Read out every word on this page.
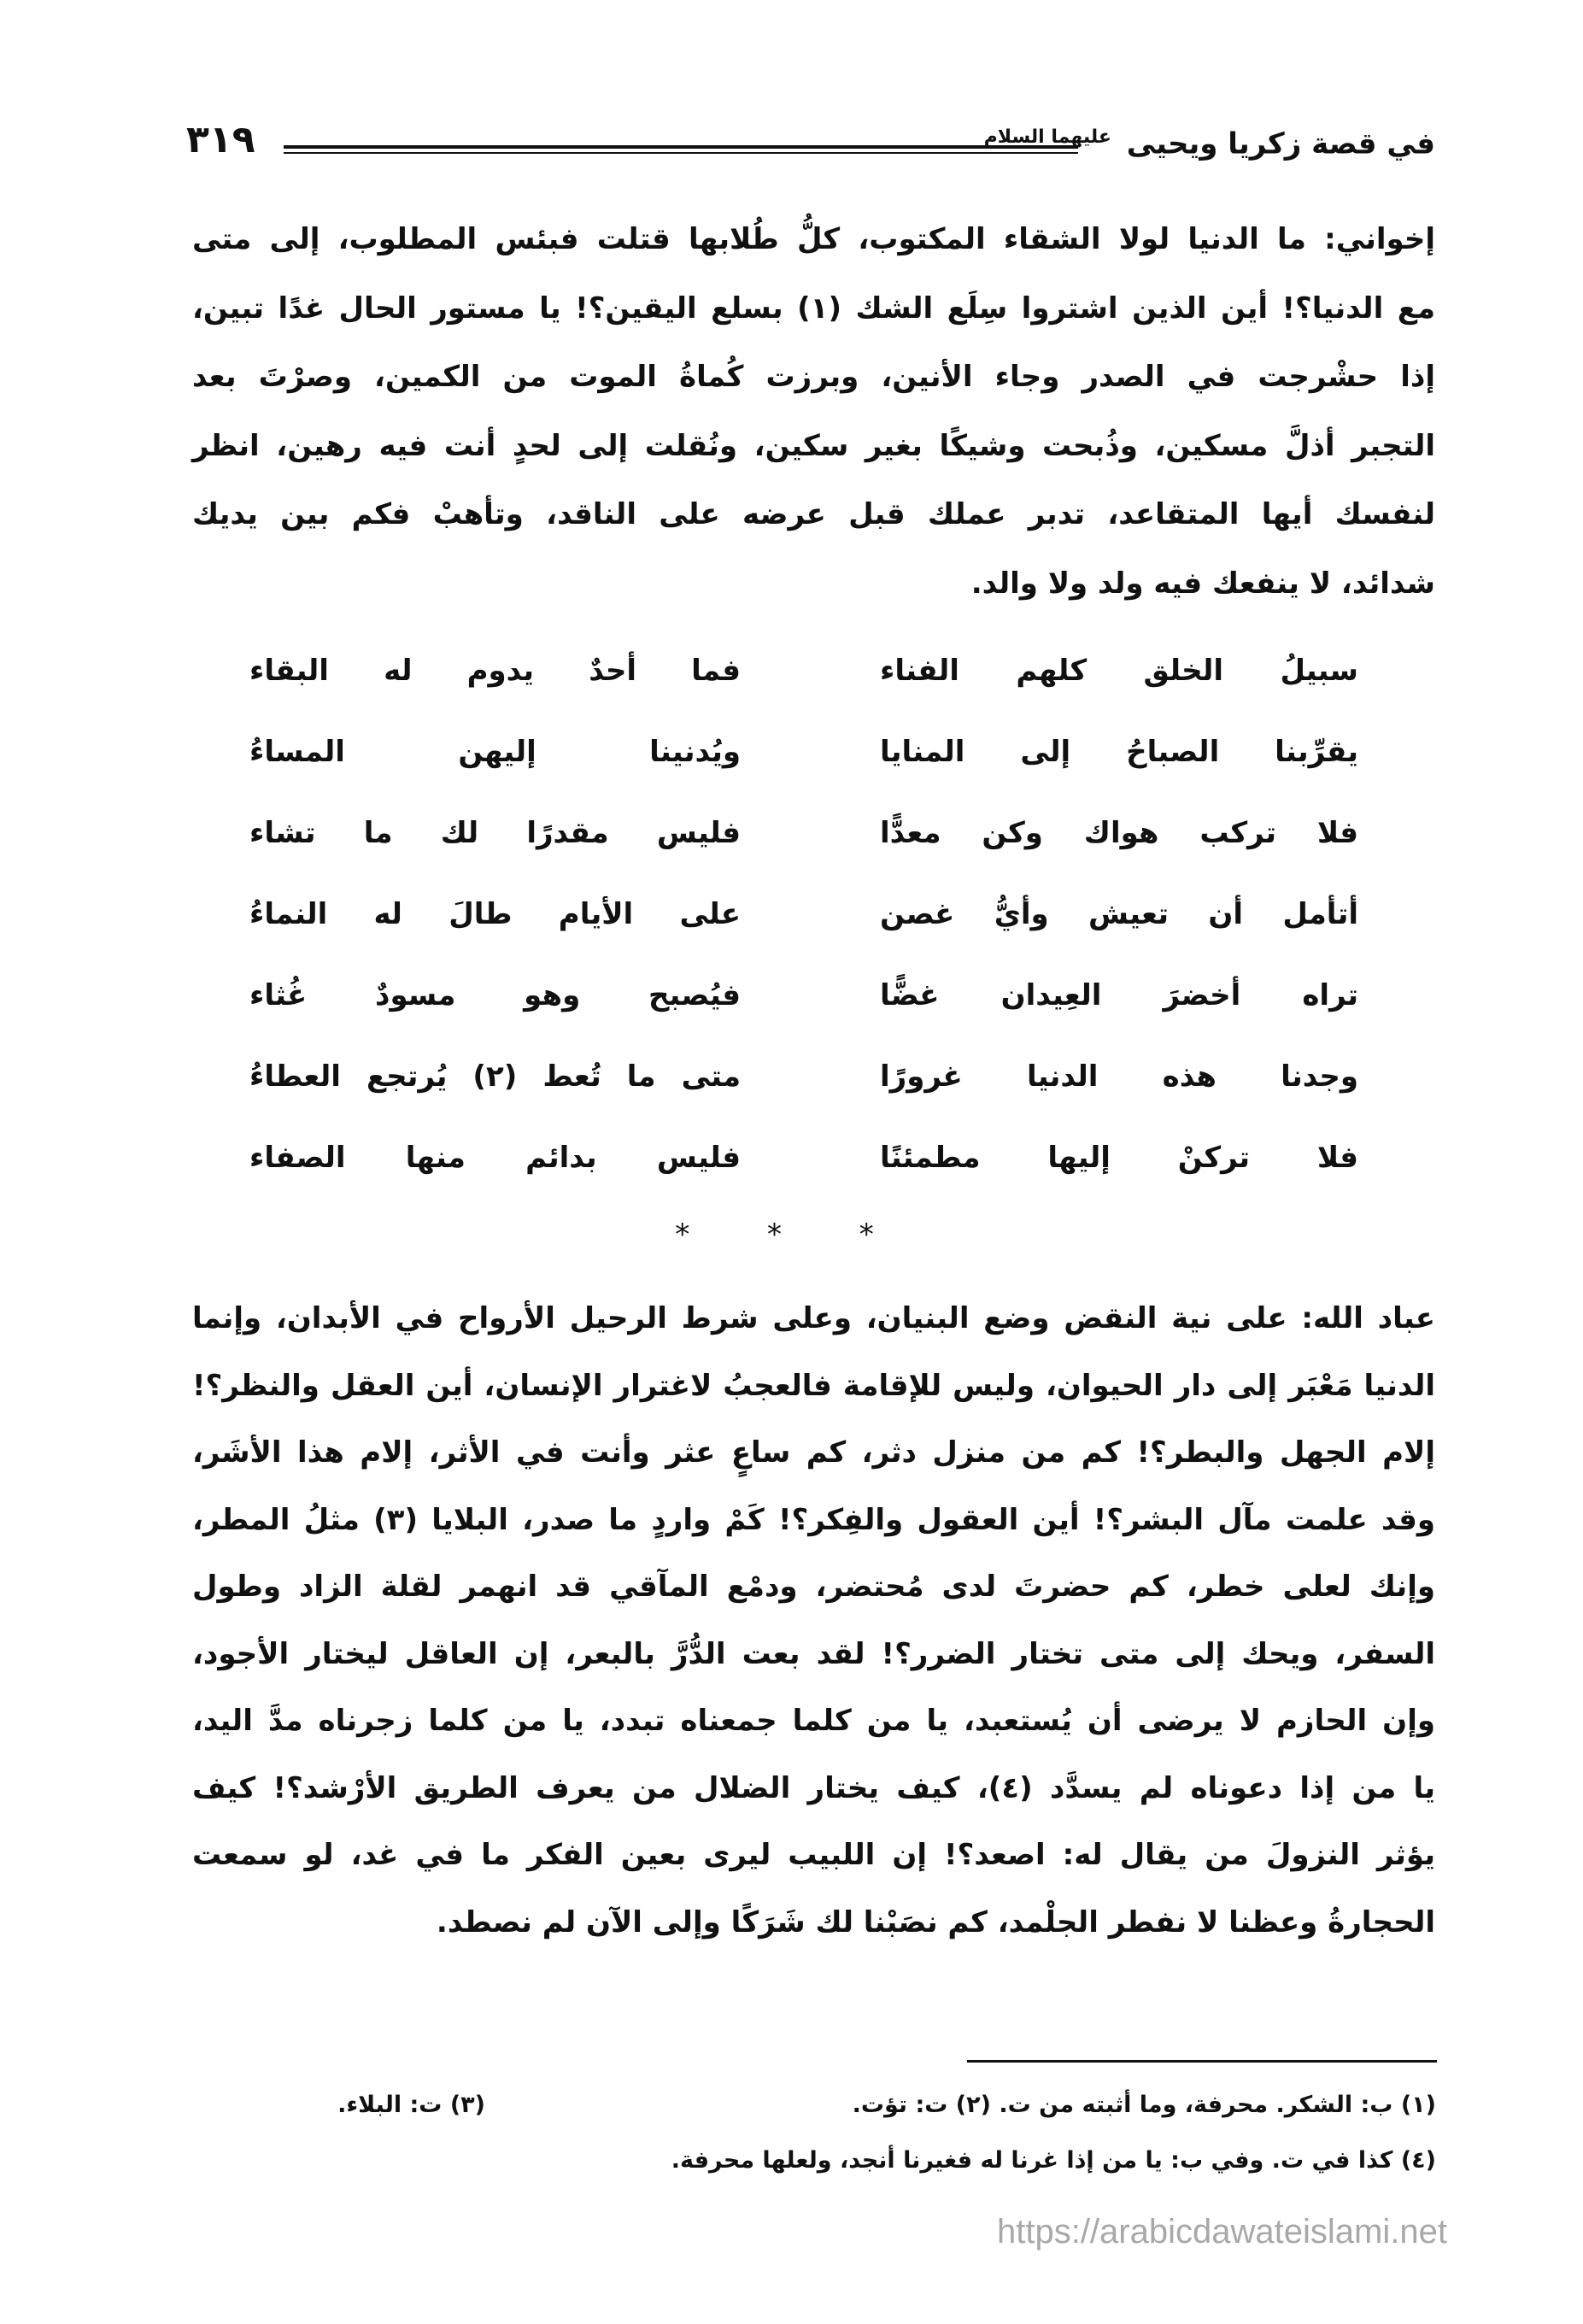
في قصة زكريا ويحيى $^{عليهما السلام}$
٣١٩
إخواني: ما الدنيا لولا الشقاء المكتوب، كلُّ طُلابها قتلت فبئس المطلوب، إلى متى
مع الدنيا؟! أين الذين اشتروا سِلَع الشك (١) بسلع اليقين؟! يا مستور الحال غدًا تبين،
إذا حشْرجت في الصدر وجاء الأنين، وبرزت كُماةُ الموت من الكمين، وصرْتَ بعد
التجبر أذلَّ مسكين، وذُبحت وشيكًا بغير سكين، ونُقلت إلى لحدٍ أنت فيه رهين، انظر
لنفسك أيها المتقاعد، تدبر عملك قبل عرضه على الناقد، وتأهبْ فكم بين يديك
شدائد، لا ينفعك فيه ولد ولا والد.
سبيلُ الخلق كلهم الفناء
فما أحدٌ يدوم له البقاء
يقرِّبنا الصباحُ إلى المنايا
ويُدنينا إليهن المساءُ
فلا تركب هواك وكن معدًّا
فليس مقدرًا لك ما تشاء
أتأمل أن تعيش وأيُّ غصن
على الأيام طالَ له النماءُ
تراه أخضرَ العِيدان غضًّا
فيُصبح وهو مسودٌ غُثاء
وجدنا هذه الدنيا غرورًا
متى ما تُعط (٢) يُرتجع العطاءُ
فلا تركنْ إليها مطمئنًا
فليس بدائم منها الصفاء
* * *
عباد الله: على نية النقض وضع البنيان، وعلى شرط الرحيل الأرواح في الأبدان، وإنما
الدنيا مَعْبَر إلى دار الحيوان، وليس للإقامة فالعجبُ لاغترار الإنسان، أين العقل والنظر؟!
إلام الجهل والبطر؟! كم من منزل دثر، كم ساعٍ عثر وأنت في الأثر، إلام هذا الأشَر،
وقد علمت مآل البشر؟! أين العقول والفِكر؟! كَمْ واردٍ ما صدر، البلايا (٣) مثلُ المطر،
وإنك لعلى خطر، كم حضرتَ لدى مُحتضر، ودمْع المآقي قد انهمر لقلة الزاد وطول
السفر، ويحك إلى متى تختار الضرر؟! لقد بعت الدُّرَّ بالبعر، إن العاقل ليختار الأجود،
وإن الحازم لا يرضى أن يُستعبد، يا من كلما جمعناه تبدد، يا من كلما زجرناه مدَّ اليد،
يا من إذا دعوناه لم يسدَّد (٤)، كيف يختار الضلال من يعرف الطريق الأرْشد؟! كيف
يؤثر النزولَ من يقال له: اصعد؟! إن اللبيب ليرى بعين الفكر ما في غد، لو سمعت
الحجارةُ وعظنا لا نفطر الجلْمد، كم نصَبْنا لك شَرَكًا وإلى الآن لم نصطد.
(١) ب: الشكر. محرفة، وما أثبته من ت. (٢) ت: تؤت.
(٣) ت: البلاء.
(٤) كذا في ت. وفي ب: يا من إذا غرنا له فغيرنا أنجد، ولعلها محرفة.
https://arabicdawateislami.net
